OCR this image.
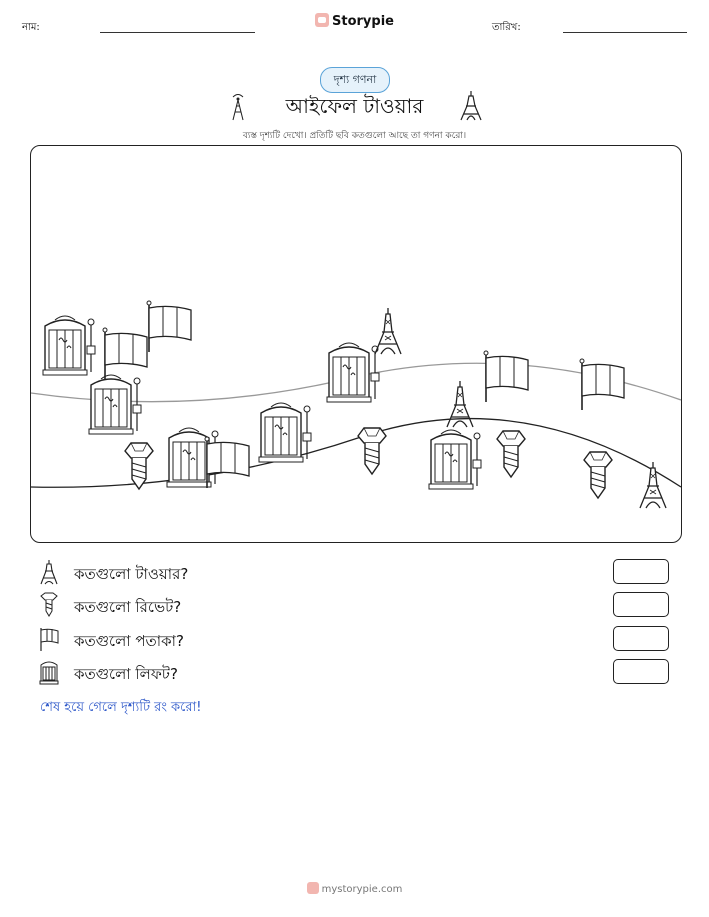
নাম:	Storypie	তারিখ:
দৃশ্য গণনা
আইফেল টাওয়ার
ব্যস্ত দৃশ্যটি দেখো। প্রতিটি ছবি কতগুলো আছে তা গণনা করো।
কতগুলো টাওয়ার?
কতগুলো রিভেট?
কতগুলো পতাকা?
কতগুলো লিফট?
শেষ হয়ে গেলে দৃশ্যটি রং করো!
mystorypie.com
